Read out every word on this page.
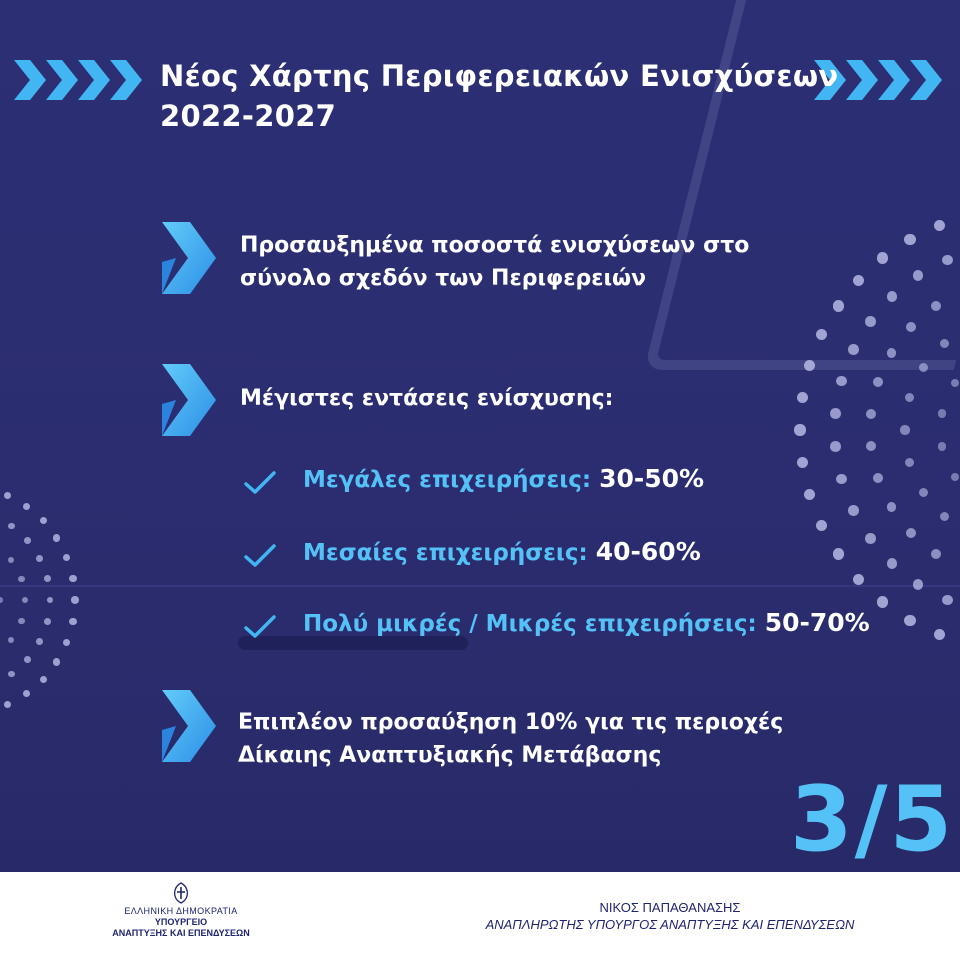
Νέος Χάρτης Περιφερειακών Ενισχύσεων
2022-2027
Προσαυξημένα ποσοστά ενισχύσεων στο
σύνολο σχεδόν των Περιφερειών
Μέγιστες εντάσεις ενίσχυσης:
Μεγάλες επιχειρήσεις: 30-50%
Μεσαίες επιχειρήσεις: 40-60%
Πολύ μικρές / Μικρές επιχειρήσεις: 50-70%
Επιπλέον προσαύξηση 10% για τις περιοχές
Δίκαιης Αναπτυξιακής Μετάβασης
3/5
ΕΛΛΗΝΙΚΗ ΔΗΜΟΚΡΑΤΙΑ
ΥΠΟΥΡΓΕΙΟ
ΑΝΑΠΤΥΞΗΣ ΚΑΙ ΕΠΕΝΔΥΣΕΩΝ
ΝΙΚΟΣ ΠΑΠΑΘΑΝΑΣΗΣ
ΑΝΑΠΛΗΡΩΤΗΣ ΥΠΟΥΡΓΟΣ ΑΝΑΠΤΥΞΗΣ ΚΑΙ ΕΠΕΝΔΥΣΕΩΝ
